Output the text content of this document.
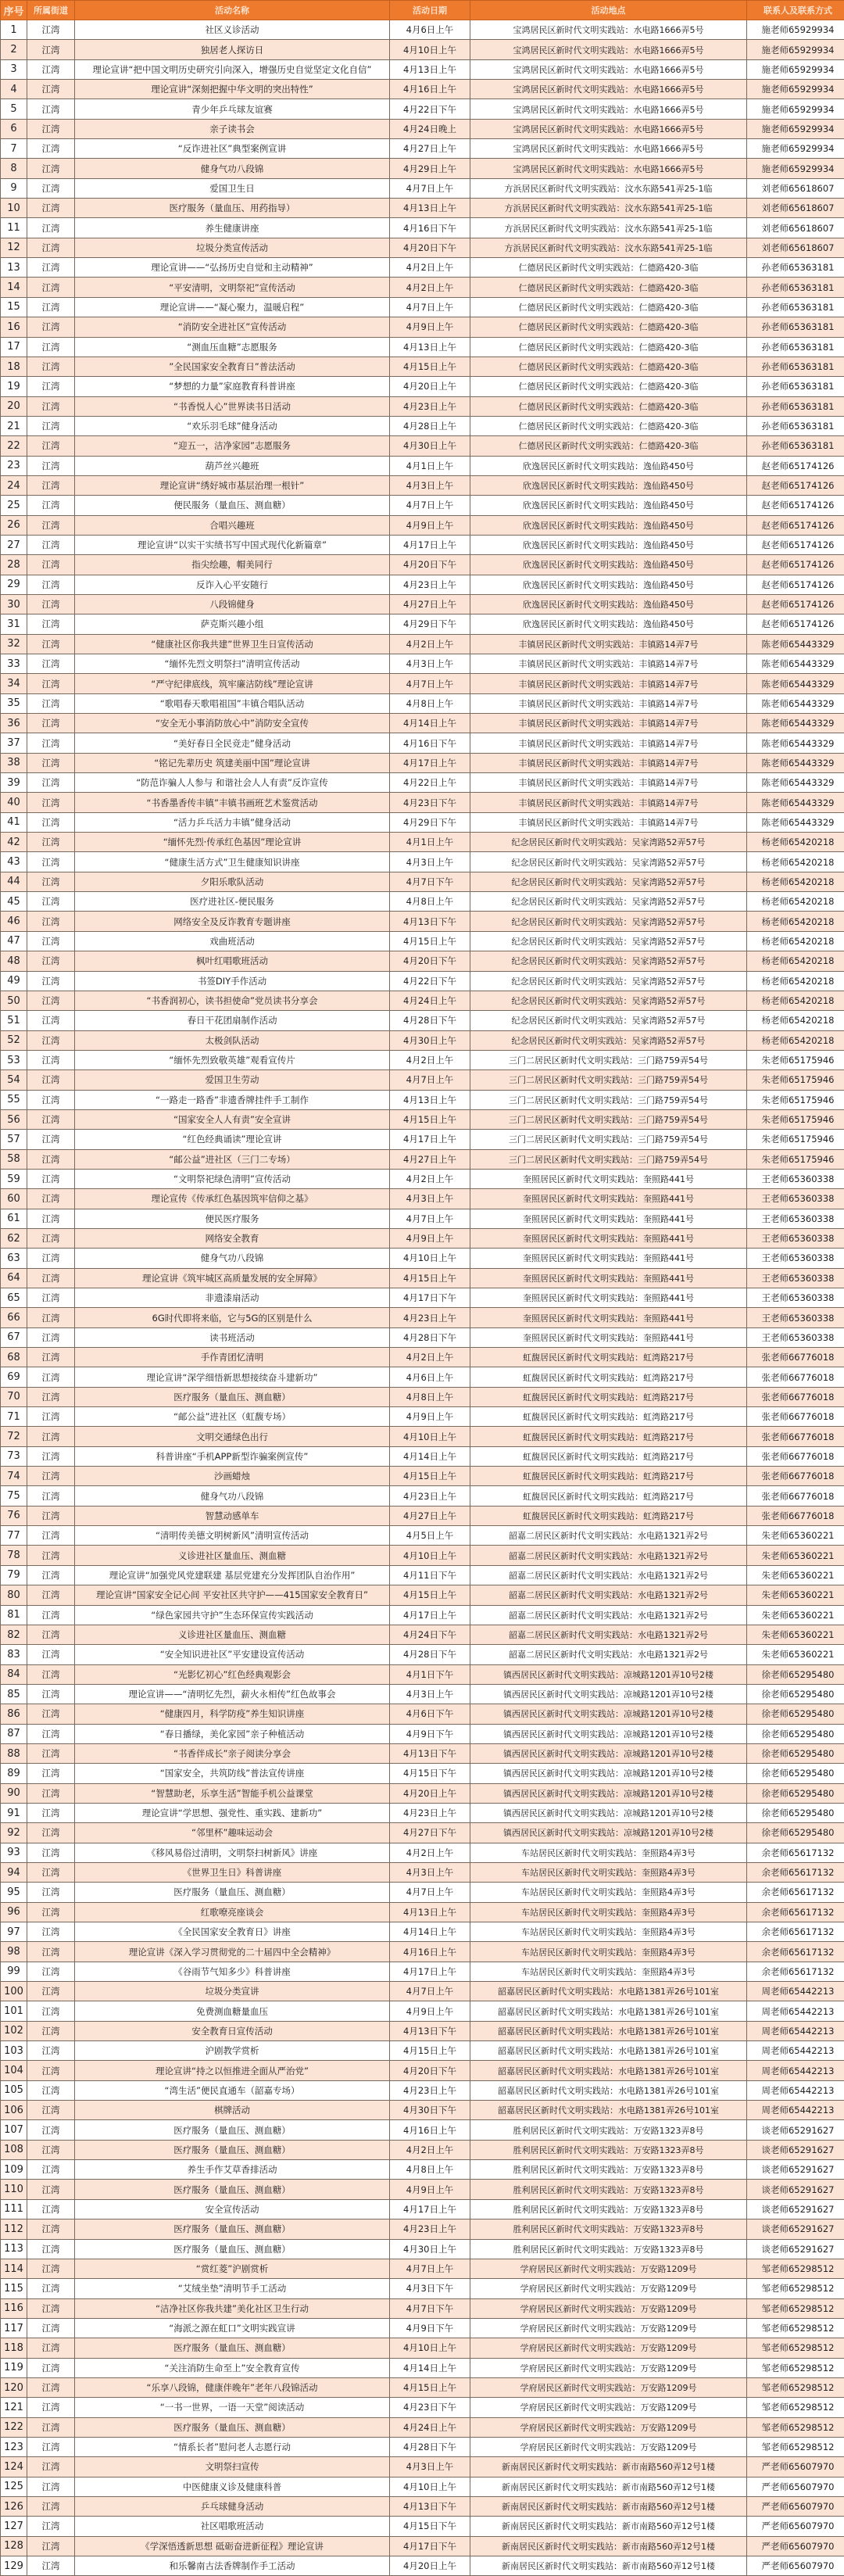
序号	所属街道	活动名称	活动日期	活动地点	联系人及联系方式
1	江湾	社区义诊活动	4月6日上午	宝鸿居民区新时代文明实践站：水电路1666弄5号	施老师65929934
2	江湾	独居老人探访日	4月10日上午	宝鸿居民区新时代文明实践站：水电路1666弄5号	施老师65929934
3	江湾	理论宣讲“把中国文明历史研究引向深入，增强历史自觉坚定文化自信”	4月13日上午	宝鸿居民区新时代文明实践站：水电路1666弄5号	施老师65929934
4	江湾	理论宣讲“深刻把握中华文明的突出特性”	4月16日上午	宝鸿居民区新时代文明实践站：水电路1666弄5号	施老师65929934
5	江湾	青少年乒乓球友谊赛	4月22日下午	宝鸿居民区新时代文明实践站：水电路1666弄5号	施老师65929934
6	江湾	亲子读书会	4月24日晚上	宝鸿居民区新时代文明实践站：水电路1666弄5号	施老师65929934
7	江湾	“反诈进社区”典型案例宣讲	4月27日上午	宝鸿居民区新时代文明实践站：水电路1666弄5号	施老师65929934
8	江湾	健身气功八段锦	4月29日上午	宝鸿居民区新时代文明实践站：水电路1666弄5号	施老师65929934
9	江湾	爱国卫生日	4月7日上午	方浜居民区新时代文明实践站：汶水东路541弄25-1临	刘老师65618607
10	江湾	医疗服务（量血压、用药指导）	4月13日上午	方浜居民区新时代文明实践站：汶水东路541弄25-1临	刘老师65618607
11	江湾	养生健康讲座	4月16日下午	方浜居民区新时代文明实践站：汶水东路541弄25-1临	刘老师65618607
12	江湾	垃圾分类宣传活动	4月20日下午	方浜居民区新时代文明实践站：汶水东路541弄25-1临	刘老师65618607
13	江湾	理论宣讲——“弘扬历史自觉和主动精神”	4月2日上午	仁德居民区新时代文明实践站：仁德路420-3临	孙老师65363181
14	江湾	“平安清明，文明祭祀”宣传活动	4月2日上午	仁德居民区新时代文明实践站：仁德路420-3临	孙老师65363181
15	江湾	理论宣讲——“凝心聚力，温暖启程”	4月7日上午	仁德居民区新时代文明实践站：仁德路420-3临	孙老师65363181
16	江湾	“消防安全进社区”宣传活动	4月9日上午	仁德居民区新时代文明实践站：仁德路420-3临	孙老师65363181
17	江湾	“测血压血糖”志愿服务	4月13日上午	仁德居民区新时代文明实践站：仁德路420-3临	孙老师65363181
18	江湾	”全民国家安全教育日”普法活动	4月15日上午	仁德居民区新时代文明实践站：仁德路420-3临	孙老师65363181
19	江湾	“梦想的力量”家庭教育科普讲座	4月20日上午	仁德居民区新时代文明实践站：仁德路420-3临	孙老师65363181
20	江湾	“书香悦人心”世界读书日活动	4月23日上午	仁德居民区新时代文明实践站：仁德路420-3临	孙老师65363181
21	江湾	“欢乐羽毛球”健身活动	4月28日上午	仁德居民区新时代文明实践站：仁德路420-3临	孙老师65363181
22	江湾	“迎五一，洁净家园”志愿服务	4月30日上午	仁德居民区新时代文明实践站：仁德路420-3临	孙老师65363181
23	江湾	葫芦丝兴趣班	4月1日上午	欣逸居民区新时代文明实践站：逸仙路450号	赵老师65174126
24	江湾	理论宣讲“绣好城市基层治理一根针”	4月3日上午	欣逸居民区新时代文明实践站：逸仙路450号	赵老师65174126
25	江湾	便民服务（量血压、测血糖）	4月7日上午	欣逸居民区新时代文明实践站：逸仙路450号	赵老师65174126
26	江湾	合唱兴趣班	4月9日上午	欣逸居民区新时代文明实践站：逸仙路450号	赵老师65174126
27	江湾	理论宣讲“以实干实绩书写中国式现代化新篇章”	4月17日上午	欣逸居民区新时代文明实践站：逸仙路450号	赵老师65174126
28	江湾	指尖绘趣，帽美同行	4月20日下午	欣逸居民区新时代文明实践站：逸仙路450号	赵老师65174126
29	江湾	反诈入心平安随行	4月23日上午	欣逸居民区新时代文明实践站：逸仙路450号	赵老师65174126
30	江湾	八段锦健身	4月27日上午	欣逸居民区新时代文明实践站：逸仙路450号	赵老师65174126
31	江湾	萨克斯兴趣小组	4月29日下午	欣逸居民区新时代文明实践站：逸仙路450号	赵老师65174126
32	江湾	“健康社区你我共建”世界卫生日宣传活动	4月2日上午	丰镇居民区新时代文明实践站：丰镇路14弄7号	陈老师65443329
33	江湾	“缅怀先烈文明祭扫”清明宣传活动	4月3日上午	丰镇居民区新时代文明实践站：丰镇路14弄7号	陈老师65443329
34	江湾	“严守纪律底线，筑牢廉洁防线”理论宣讲	4月7日上午	丰镇居民区新时代文明实践站：丰镇路14弄7号	陈老师65443329
35	江湾	“歌唱春天歌唱祖国”丰镇合唱队活动	4月8日上午	丰镇居民区新时代文明实践站：丰镇路14弄7号	陈老师65443329
36	江湾	“安全无小事消防放心中”消防安全宣传	4月14日上午	丰镇居民区新时代文明实践站：丰镇路14弄7号	陈老师65443329
37	江湾	“美好春日全民竞走”健身活动	4月16日下午	丰镇居民区新时代文明实践站：丰镇路14弄7号	陈老师65443329
38	江湾	“铭记先辈历史 筑建美丽中国”理论宣讲	4月17日上午	丰镇居民区新时代文明实践站：丰镇路14弄7号	陈老师65443329
39	江湾	“防范诈骗人人参与 和谐社会人人有责”反诈宣传	4月22日上午	丰镇居民区新时代文明实践站：丰镇路14弄7号	陈老师65443329
40	江湾	“书香墨香传丰镇”丰镇书画班艺术鉴赏活动	4月23日下午	丰镇居民区新时代文明实践站：丰镇路14弄7号	陈老师65443329
41	江湾	“活力乒乓活力丰镇”健身活动	4月29日下午	丰镇居民区新时代文明实践站：丰镇路14弄7号	陈老师65443329
42	江湾	“缅怀先烈·传承红色基因”理论宣讲	4月1日上午	纪念居民区新时代文明实践站：吴家湾路52弄57号	杨老师65420218
43	江湾	“健康生活方式”卫生健康知识讲座	4月3日上午	纪念居民区新时代文明实践站：吴家湾路52弄57号	杨老师65420218
44	江湾	夕阳乐歌队活动	4月7日下午	纪念居民区新时代文明实践站：吴家湾路52弄57号	杨老师65420218
45	江湾	医疗进社区-便民服务	4月8日上午	纪念居民区新时代文明实践站：吴家湾路52弄57号	杨老师65420218
46	江湾	网络安全及反诈教育专题讲座	4月13日下午	纪念居民区新时代文明实践站：吴家湾路52弄57号	杨老师65420218
47	江湾	戏曲班活动	4月15日上午	纪念居民区新时代文明实践站：吴家湾路52弄57号	杨老师65420218
48	江湾	枫叶红唱歌班活动	4月20日下午	纪念居民区新时代文明实践站：吴家湾路52弄57号	杨老师65420218
49	江湾	书签DIY手作活动	4月22日下午	纪念居民区新时代文明实践站：吴家湾路52弄57号	杨老师65420218
50	江湾	“书香润初心，读书担使命”党员读书分享会	4月24日上午	纪念居民区新时代文明实践站：吴家湾路52弄57号	杨老师65420218
51	江湾	春日干花团扇制作活动	4月28日下午	纪念居民区新时代文明实践站：吴家湾路52弄57号	杨老师65420218
52	江湾	太极剑队活动	4月30日上午	纪念居民区新时代文明实践站：吴家湾路52弄57号	杨老师65420218
53	江湾	“缅怀先烈致敬英雄”观看宣传片	4月2日上午	三门二居民区新时代文明实践站：三门路759弄54号	朱老师65175946
54	江湾	爱国卫生劳动	4月7日上午	三门二居民区新时代文明实践站：三门路759弄54号	朱老师65175946
55	江湾	“一路走一路香”非遗香牌挂件手工制作	4月13日上午	三门二居民区新时代文明实践站：三门路759弄54号	朱老师65175946
56	江湾	“国家安全人人有责”安全宣讲	4月15日上午	三门二居民区新时代文明实践站：三门路759弄54号	朱老师65175946
57	江湾	“红色经典诵读”理论宣讲	4月17日上午	三门二居民区新时代文明实践站：三门路759弄54号	朱老师65175946
58	江湾	“邮公益”进社区（三门二专场）	4月27日上午	三门二居民区新时代文明实践站：三门路759弄54号	朱老师65175946
59	江湾	“文明祭祀绿色清明”宣传活动	4月2日上午	奎照居民区新时代文明实践站：奎照路441号	王老师65360338
60	江湾	理论宣传《传承红色基因筑牢信仰之基》	4月3日上午	奎照居民区新时代文明实践站：奎照路441号	王老师65360338
61	江湾	便民医疗服务	4月7日上午	奎照居民区新时代文明实践站：奎照路441号	王老师65360338
62	江湾	网络安全教育	4月9日上午	奎照居民区新时代文明实践站：奎照路441号	王老师65360338
63	江湾	健身气功八段锦	4月10日上午	奎照居民区新时代文明实践站：奎照路441号	王老师65360338
64	江湾	理论宣讲《筑牢城区高质量发展的安全屏障》	4月15日上午	奎照居民区新时代文明实践站：奎照路441号	王老师65360338
65	江湾	非遗漆扇活动	4月17日下午	奎照居民区新时代文明实践站：奎照路441号	王老师65360338
66	江湾	6G时代即将来临，它与5G的区别是什么	4月23日上午	奎照居民区新时代文明实践站：奎照路441号	王老师65360338
67	江湾	读书班活动	4月28日下午	奎照居民区新时代文明实践站：奎照路441号	王老师65360338
68	江湾	手作青团忆清明	4月2日上午	虹馥居民区新时代文明实践站：虹湾路217号	张老师66776018
69	江湾	理论宣讲“深学细悟新思想接续奋斗建新功”	4月6日上午	虹馥居民区新时代文明实践站：虹湾路217号	张老师66776018
70	江湾	医疗服务（量血压、测血糖）	4月8日上午	虹馥居民区新时代文明实践站：虹湾路217号	张老师66776018
71	江湾	“邮公益”进社区（虹馥专场）	4月9日上午	虹馥居民区新时代文明实践站：虹湾路217号	张老师66776018
72	江湾	文明交通绿色出行	4月10日上午	虹馥居民区新时代文明实践站：虹湾路217号	张老师66776018
73	江湾	科普讲座“手机APP新型诈骗案例宣传”	4月14日上午	虹馥居民区新时代文明实践站：虹湾路217号	张老师66776018
74	江湾	沙画蜡烛	4月15日上午	虹馥居民区新时代文明实践站：虹湾路217号	张老师66776018
75	江湾	健身气功八段锦	4月23日上午	虹馥居民区新时代文明实践站：虹湾路217号	张老师66776018
76	江湾	智慧动感单车	4月27日上午	虹馥居民区新时代文明实践站：虹湾路217号	张老师66776018
77	江湾	“清明传美德文明树新风”清明宣传活动	4月5日上午	韶嘉二居民区新时代文明实践站：水电路1321弄2号	朱老师65360221
78	江湾	义诊进社区量血压、测血糖	4月10日上午	韶嘉二居民区新时代文明实践站：水电路1321弄2号	朱老师65360221
79	江湾	理论宣讲“加强党风党建联建 基层党建充分发挥团队自治作用”	4月11日下午	韶嘉二居民区新时代文明实践站：水电路1321弄2号	朱老师65360221
80	江湾	理论宣讲“国家安全记心间 平安社区共守护——415国家安全教育日”	4月15日上午	韶嘉二居民区新时代文明实践站：水电路1321弄2号	朱老师65360221
81	江湾	“绿色家园共守护”生态环保宣传实践活动	4月17日上午	韶嘉二居民区新时代文明实践站：水电路1321弄2号	朱老师65360221
82	江湾	义诊进社区量血压、测血糖	4月24日下午	韶嘉二居民区新时代文明实践站：水电路1321弄2号	朱老师65360221
83	江湾	“安全知识进社区”平安建设宣传活动	4月28日下午	韶嘉二居民区新时代文明实践站：水电路1321弄2号	朱老师65360221
84	江湾	“光影忆初心”红色经典观影会	4月1日下午	镇西居民区新时代文明实践站：凉城路1201弄10号2楼	徐老师65295480
85	江湾	理论宣讲——“清明忆先烈，薪火永相传”红色故事会	4月3日上午	镇西居民区新时代文明实践站：凉城路1201弄10号2楼	徐老师65295480
86	江湾	“健康四月，科学防疫”养生知识讲座	4月6日下午	镇西居民区新时代文明实践站：凉城路1201弄10号2楼	徐老师65295480
87	江湾	“春日播绿，美化家园”亲子种植活动	4月9日下午	镇西居民区新时代文明实践站：凉城路1201弄10号2楼	徐老师65295480
88	江湾	“书香伴成长”亲子阅读分享会	4月13日下午	镇西居民区新时代文明实践站：凉城路1201弄10号2楼	徐老师65295480
89	江湾	“国家安全，共筑防线”普法宣传讲座	4月15日下午	镇西居民区新时代文明实践站：凉城路1201弄10号2楼	徐老师65295480
90	江湾	“智慧助老，乐享生活”智能手机公益课堂	4月20日上午	镇西居民区新时代文明实践站：凉城路1201弄10号2楼	徐老师65295480
91	江湾	理论宣讲“学思想、强党性、重实践、建新功”	4月23日上午	镇西居民区新时代文明实践站：凉城路1201弄10号2楼	徐老师65295480
92	江湾	“邻里杯”趣味运动会	4月27日下午	镇西居民区新时代文明实践站：凉城路1201弄10号2楼	徐老师65295480
93	江湾	《移风易俗过清明，文明祭扫树新风》讲座	4月2日上午	车站居民区新时代文明实践站：奎照路4弄3号	余老师65617132
94	江湾	《世界卫生日》科普讲座	4月3日上午	车站居民区新时代文明实践站：奎照路4弄3号	余老师65617132
95	江湾	医疗服务（量血压、测血糖）	4月7日上午	车站居民区新时代文明实践站：奎照路4弄3号	余老师65617132
96	江湾	红歌嘹亮座谈会	4月13日上午	车站居民区新时代文明实践站：奎照路4弄3号	余老师65617132
97	江湾	《全民国家安全教育日》讲座	4月14日上午	车站居民区新时代文明实践站：奎照路4弄3号	余老师65617132
98	江湾	理论宣讲《深入学习贯彻党的二十届四中全会精神》	4月16日上午	车站居民区新时代文明实践站：奎照路4弄3号	余老师65617132
99	江湾	《谷雨节气知多少》科普讲座	4月17日上午	车站居民区新时代文明实践站：奎照路4弄3号	余老师65617132
100	江湾	垃圾分类宣讲	4月7日上午	韶嘉居民区新时代文明实践站：水电路1381弄26号101室	周老师65442213
101	江湾	免费测血糖量血压	4月9日上午	韶嘉居民区新时代文明实践站：水电路1381弄26号101室	周老师65442213
102	江湾	安全教育日宣传活动	4月13日下午	韶嘉居民区新时代文明实践站：水电路1381弄26号101室	周老师65442213
103	江湾	沪剧教学赏析	4月15日上午	韶嘉居民区新时代文明实践站：水电路1381弄26号101室	周老师65442213
104	江湾	理论宣讲“持之以恒推进全面从严治党”	4月20日下午	韶嘉居民区新时代文明实践站：水电路1381弄26号101室	周老师65442213
105	江湾	“湾生活”便民直通车（韶嘉专场）	4月23日上午	韶嘉居民区新时代文明实践站：水电路1381弄26号101室	周老师65442213
106	江湾	棋牌活动	4月30日下午	韶嘉居民区新时代文明实践站：水电路1381弄26号101室	周老师65442213
107	江湾	医疗服务（量血压、测血糖）	4月16日上午	胜利居民区新时代文明实践站：万安路1323弄8号	谈老师65291627
108	江湾	医疗服务（量血压、测血糖）	4月2日上午	胜利居民区新时代文明实践站：万安路1323弄8号	谈老师65291627
109	江湾	养生手作艾草香排活动	4月8日上午	胜利居民区新时代文明实践站：万安路1323弄8号	谈老师65291627
110	江湾	医疗服务（量血压、测血糖）	4月9日上午	胜利居民区新时代文明实践站：万安路1323弄8号	谈老师65291627
111	江湾	安全宣传活动	4月17日上午	胜利居民区新时代文明实践站：万安路1323弄8号	谈老师65291627
112	江湾	医疗服务（量血压、测血糖）	4月23日上午	胜利居民区新时代文明实践站：万安路1323弄8号	谈老师65291627
113	江湾	医疗服务（量血压、测血糖）	4月30日上午	胜利居民区新时代文明实践站：万安路1323弄8号	谈老师65291627
114	江湾	“赏红菱”沪剧赏析	4月7日上午	学府居民区新时代文明实践站：万安路1209号	邹老师65298512
115	江湾	“艾绒坐垫”清明节手工活动	4月3日下午	学府居民区新时代文明实践站：万安路1209号	邹老师65298512
116	江湾	“洁净社区你我共建”美化社区卫生行动	4月7日下午	学府居民区新时代文明实践站：万安路1209号	邹老师65298512
117	江湾	“海派之源在虹口”文明实践宣讲	4月9日下午	学府居民区新时代文明实践站：万安路1209号	邹老师65298512
118	江湾	医疗服务（量血压、测血糖）	4月10日上午	学府居民区新时代文明实践站：万安路1209号	邹老师65298512
119	江湾	“关注消防生命至上”安全教育宣传	4月14日上午	学府居民区新时代文明实践站：万安路1209号	邹老师65298512
120	江湾	“乐享八段锦，健康伴晚年”老年八段锦活动	4月15日上午	学府居民区新时代文明实践站：万安路1209号	邹老师65298512
121	江湾	“一书一世界，一语一天堂”阅读活动	4月23日下午	学府居民区新时代文明实践站：万安路1209号	邹老师65298512
122	江湾	医疗服务（量血压、测血糖）	4月24日上午	学府居民区新时代文明实践站：万安路1209号	邹老师65298512
123	江湾	“情系长者”慰问老人志愿行动	4月28日下午	学府居民区新时代文明实践站：万安路1209号	邹老师65298512
124	江湾	文明祭扫宣传	4月3日上午	新南居民区新时代文明实践站：新市南路560弄12号1楼	严老师65607970
125	江湾	中医健康义诊及健康科普	4月10日上午	新南居民区新时代文明实践站：新市南路560弄12号1楼	严老师65607970
126	江湾	乒乓球健身活动	4月13日下午	新南居民区新时代文明实践站：新市南路560弄12号1楼	严老师65607970
127	江湾	社区唱歌班活动	4月15日下午	新南居民区新时代文明实践站：新市南路560弄12号1楼	严老师65607970
128	江湾	《学深悟透新思想 砥砺奋进新征程》理论宣讲	4月17日下午	新南居民区新时代文明实践站：新市南路560弄12号1楼	严老师65607970
129	江湾	和乐馨南古法香牌制作手工活动	4月20日上午	新南居民区新时代文明实践站：新市南路560弄12号1楼	严老师65607970
